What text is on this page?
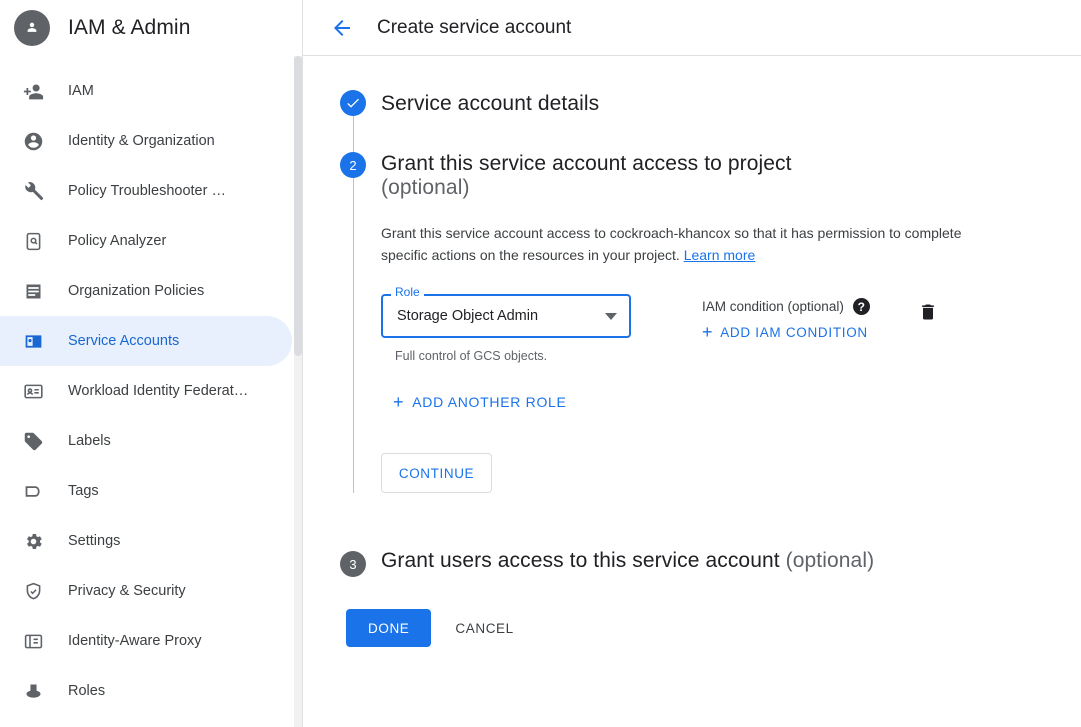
IAM & Admin
IAM
Identity & Organization
Policy Troubleshooter …
Policy Analyzer
Organization Policies
Service Accounts
Workload Identity Federat…
Labels
Tags
Settings
Privacy & Security
Identity-Aware Proxy
Roles
Create service account
Service account details
2	Grant this service account access to project
(optional)
Grant this service account access to cockroach-khancox so that it has permission to complete specific actions on the resources in your project. Learn more
Role
Storage Object Admin
Full control of GCS objects.
IAM condition (optional)	?
+ ADD IAM CONDITION
+ ADD ANOTHER ROLE
CONTINUE
3	Grant users access to this service account (optional)
DONE	CANCEL
